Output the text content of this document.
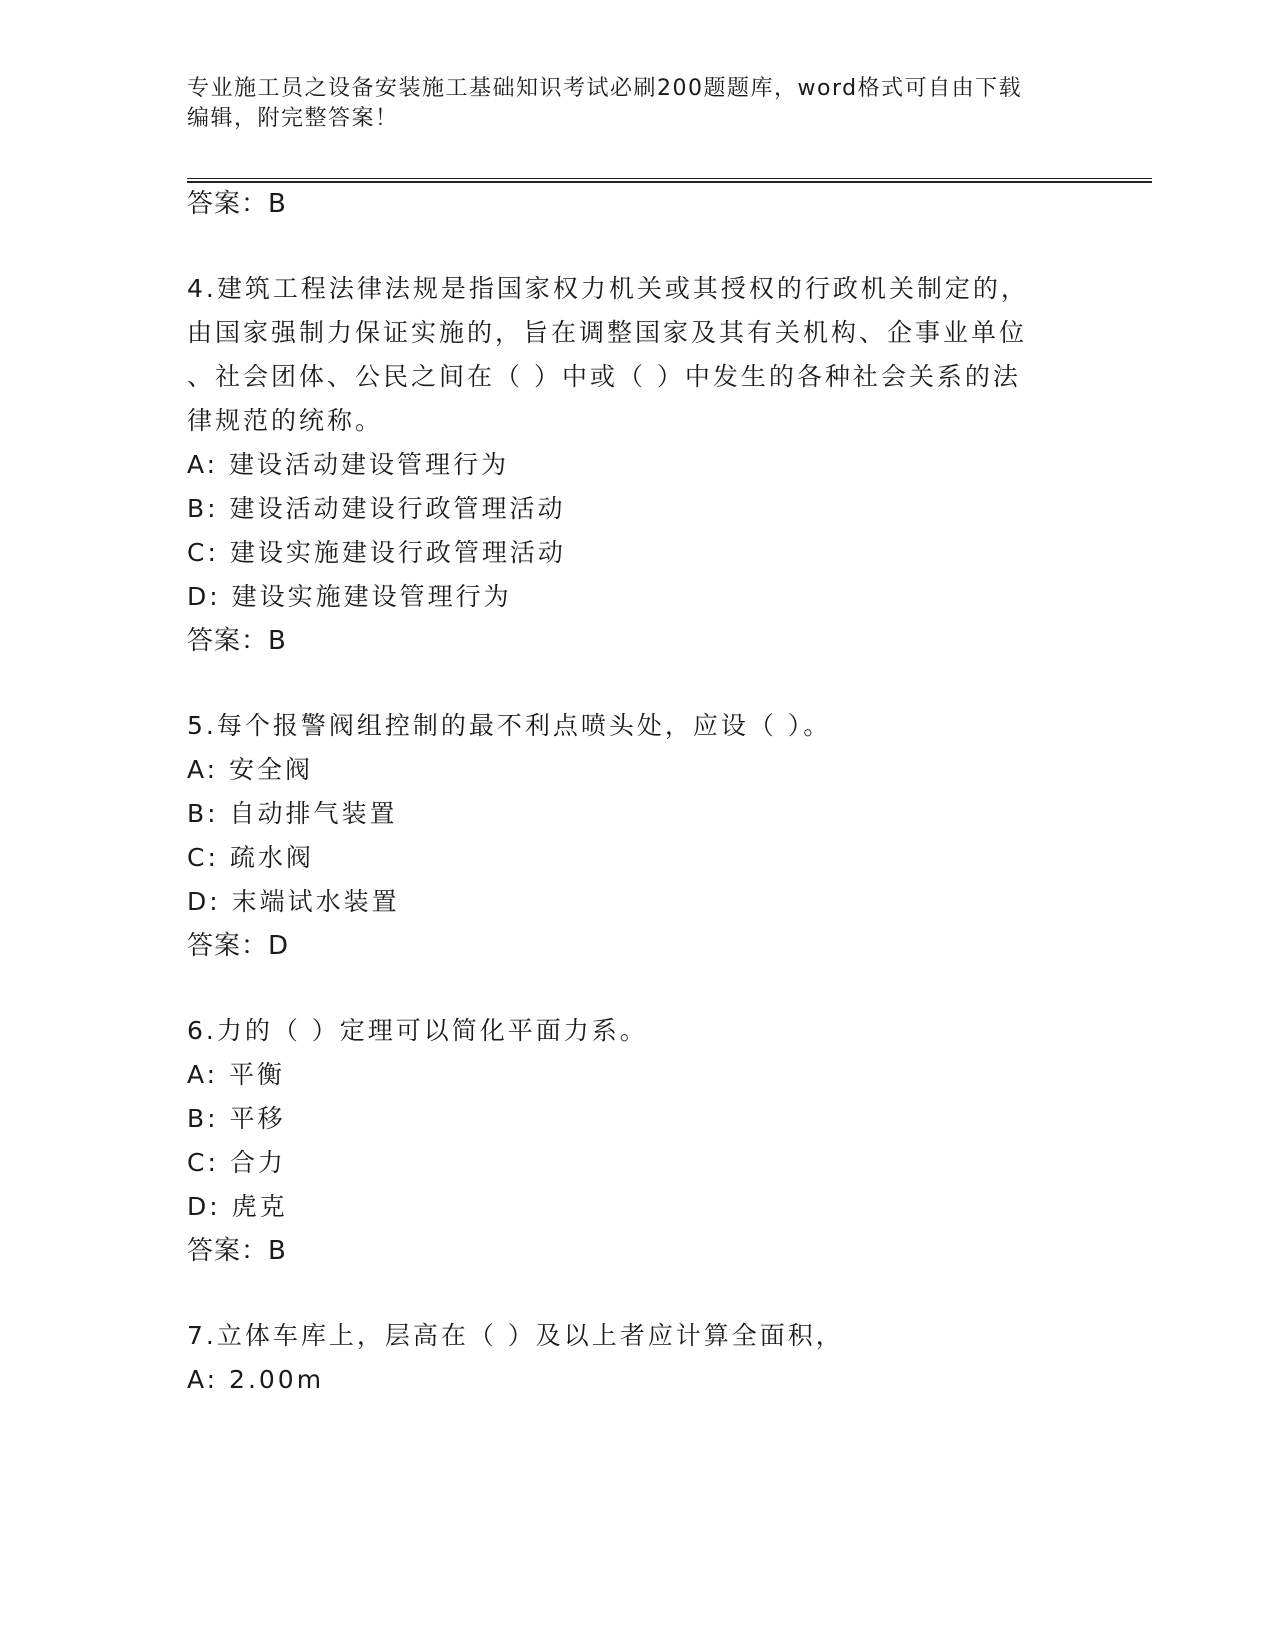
专业施工员之设备安装施工基础知识考试必刷200题题库，word格式可自由下载
编辑，附完整答案！
答案：B
4.建筑工程法律法规是指国家权力机关或其授权的行政机关制定的，
由国家强制力保证实施的，旨在调整国家及其有关机构、企事业单位
、社会团体、公民之间在（ ）中或（ ）中发生的各种社会关系的法
律规范的统称。
A: 建设活动建设管理行为
B: 建设活动建设行政管理活动
C: 建设实施建设行政管理活动
D: 建设实施建设管理行为
答案：B
5.每个报警阀组控制的最不利点喷头处，应设（ ）。
A: 安全阀
B: 自动排气装置
C: 疏水阀
D: 末端试水装置
答案：D
6.力的（ ）定理可以简化平面力系。
A: 平衡
B: 平移
C: 合力
D: 虎克
答案：B
7.立体车库上，层高在（ ）及以上者应计算全面积，
A: 2.00m
